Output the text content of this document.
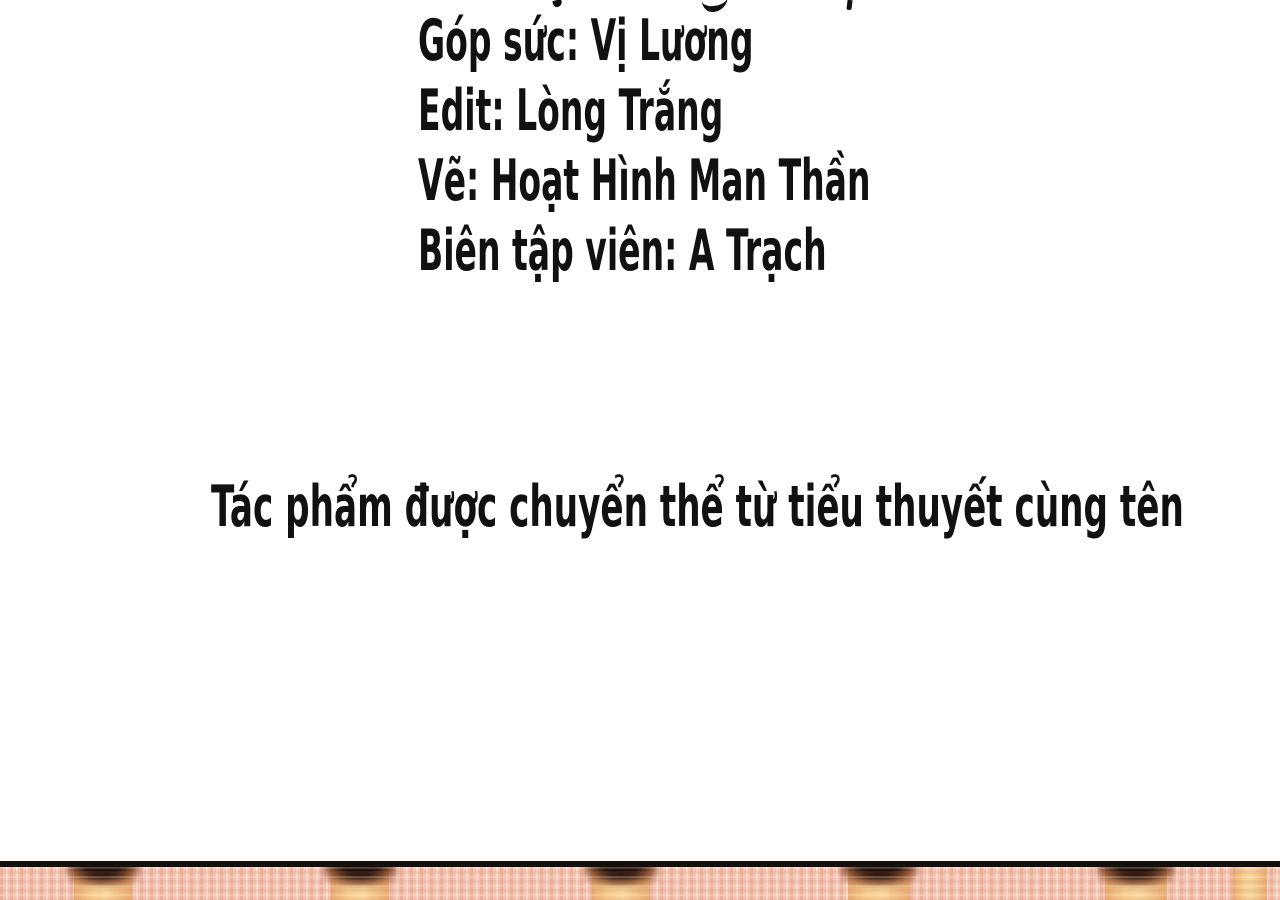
Góp sức: Vị Lương
Edit: Lòng Trắng
Vẽ: Hoạt Hình Man Thần
Biên tập viên: A Trạch
Tác phẩm được chuyển thể từ tiểu thuyết cùng tên
